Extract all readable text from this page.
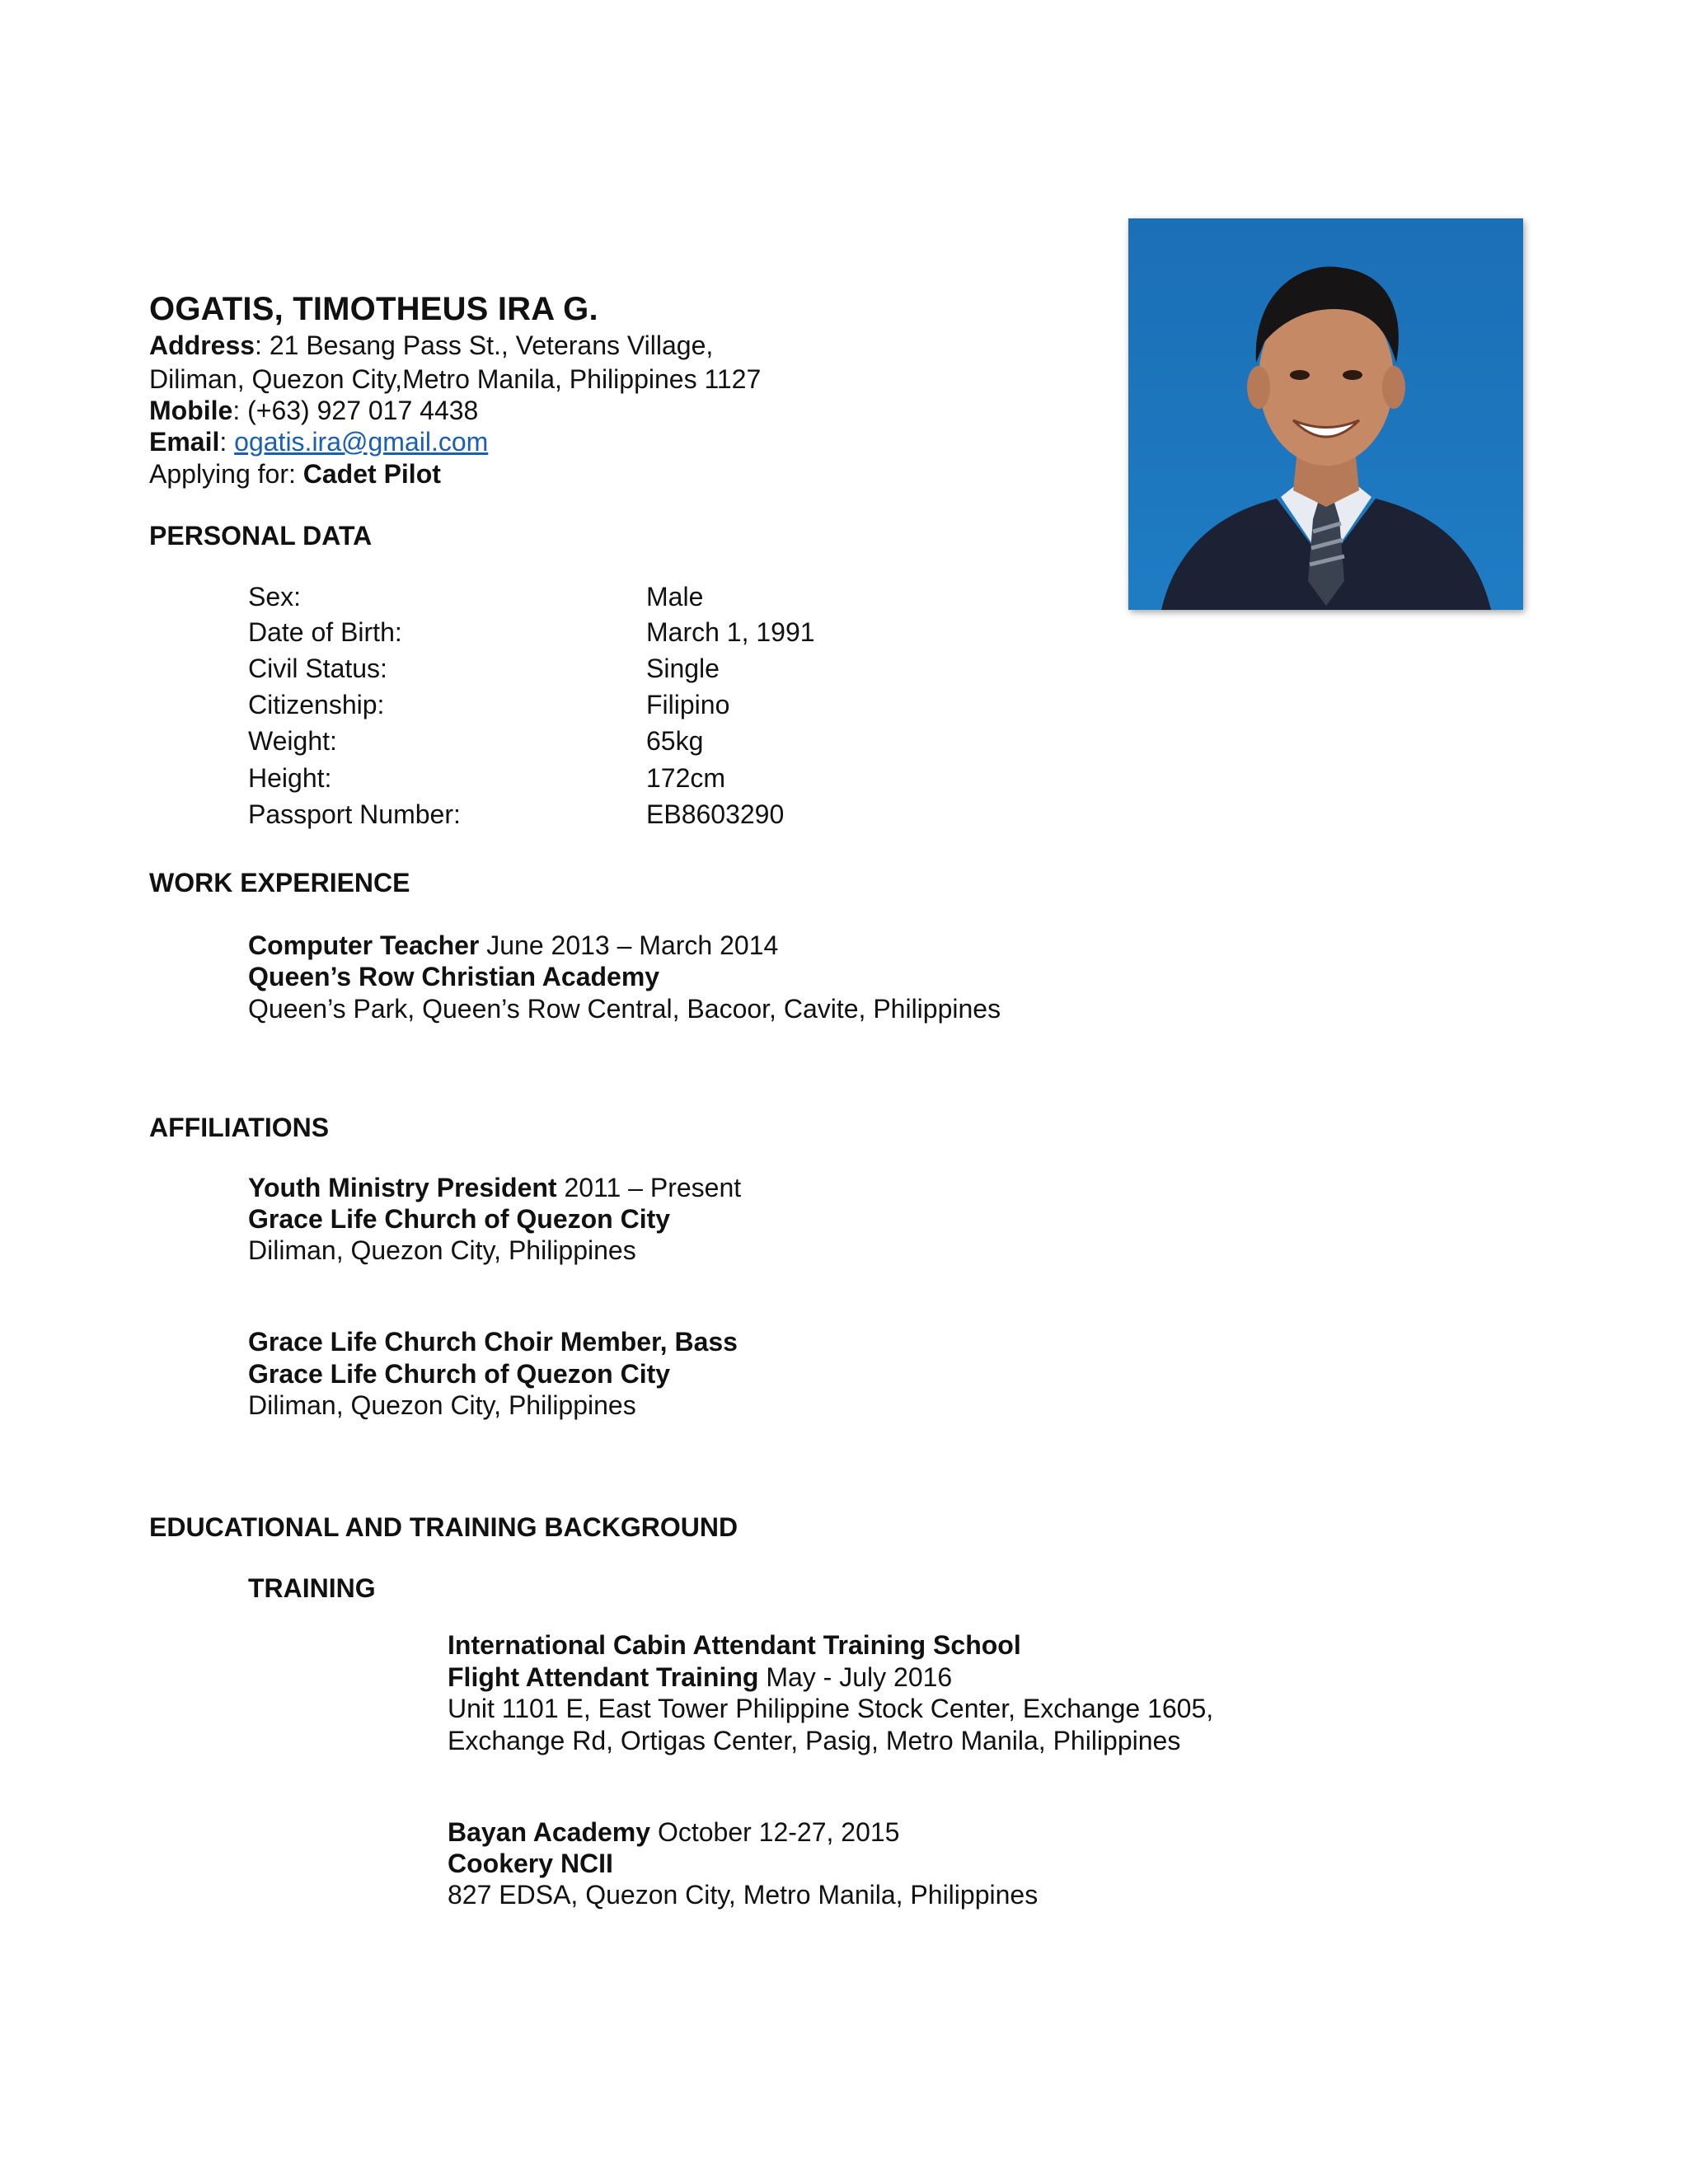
OGATIS, TIMOTHEUS IRA G.
Address: 21 Besang Pass St., Veterans Village,
Diliman, Quezon City,Metro Manila, Philippines 1127
Mobile: (+63) 927 017 4438
Email: ogatis.ira@gmail.com
Applying for: Cadet Pilot
PERSONAL DATA
Sex:	Male
Date of Birth:	March 1, 1991
Civil Status:	Single
Citizenship:	Filipino
Weight:	65kg
Height:	172cm
Passport Number:	EB8603290
WORK EXPERIENCE
Computer Teacher June 2013 – March 2014
Queen’s Row Christian Academy
Queen’s Park, Queen’s Row Central, Bacoor, Cavite, Philippines
AFFILIATIONS
Youth Ministry President 2011 – Present
Grace Life Church of Quezon City
Diliman, Quezon City, Philippines
Grace Life Church Choir Member, Bass
Grace Life Church of Quezon City
Diliman, Quezon City, Philippines
EDUCATIONAL AND TRAINING BACKGROUND
TRAINING
International Cabin Attendant Training School
Flight Attendant Training May - July 2016
Unit 1101 E, East Tower Philippine Stock Center, Exchange 1605,
Exchange Rd, Ortigas Center, Pasig, Metro Manila, Philippines
Bayan Academy October 12-27, 2015
Cookery NCII
827 EDSA, Quezon City, Metro Manila, Philippines
